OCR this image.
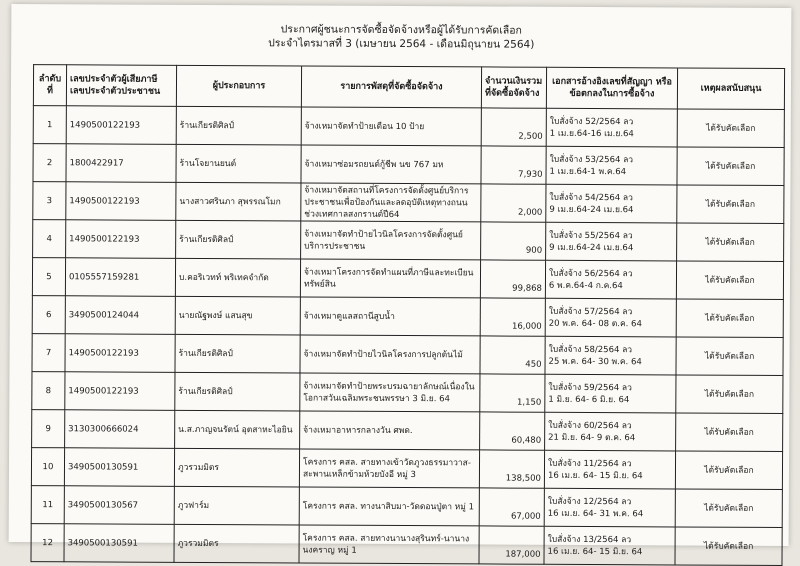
ประกาศผู้ชนะการจัดซื้อจัดจ้างหรือผู้ได้รับการคัดเลือก
ประจำไตรมาสที่ 3 (เมษายน 2564 - เดือนมิถุนายน 2564)
ลำดับที่	เลขประจำตัวผู้เสียภาษี เลขประจำตัวประชาชน	ผู้ประกอบการ	รายการพัสดุที่จัดซื้อจัดจ้าง	จำนวนเงินรวมที่จัดซื้อจัดจ้าง	เอกสารอ้างอิงเลขที่สัญญา หรือข้อตกลงในการซื้อจ้าง	เหตุผลสนับสนุน
1	1490500122193	ร้านเกียรติศิลป์	จ้างเหมาจัดทำป้ายเตือน 10 ป้าย	2,500	ใบสั่งจ้าง 52/2564 ลว
1 เม.ย.64-16 เม.ย.64	ได้รับคัดเลือก
2	1800422917	ร้านโจยานยนต์	จ้างเหมาซ่อมรถยนต์กู้ชีพ นข 767 มห	7,930	ใบสั่งจ้าง 53/2564 ลว
1 เม.ย.64-1 พ.ค.64	ได้รับคัดเลือก
3	1490500122193	นางสาวศรินภา สุพรรณโมก	จ้างเหมาจัดสถานที่โครงการจัดตั้งศูนย์บริการประชาชนเพื่อป้องกันและลดอุบัติเหตุทางถนนช่วงเทศกาลสงกรานต์ปี64	2,000	ใบสั่งจ้าง 54/2564 ลว
9 เม.ย.64-24 เม.ย.64	ได้รับคัดเลือก
4	1490500122193	ร้านเกียรติศิลป์	จ้างเหมาจัดทำป้ายไวนิลโครงการจัดตั้งศูนย์บริการประชาชน	900	ใบสั่งจ้าง 55/2564 ลว
9 เม.ย.64-24 เม.ย.64	ได้รับคัดเลือก
5	0105557159281	บ.คอริเวทท์ พริเทคจำกัด	จ้างเหมาโครงการจัดทำแผนที่ภาษีและทะเบียนทรัพย์สิน	99,868	ใบสั่งจ้าง 56/2564 ลว
6 พ.ค.64-4 ก.ค.64	ได้รับคัดเลือก
6	3490500124044	นายณัฐพงษ์ แสนสุข	จ้างเหมาดูแลสถานีสูบน้ำ	16,000	ใบสั่งจ้าง 57/2564 ลว
20 พ.ค. 64- 08 ต.ค. 64	ได้รับคัดเลือก
7	1490500122193	ร้านเกียรติศิลป์	จ้างเหมาจัดทำป้ายไวนิลโครงการปลูกต้นไม้	450	ใบสั่งจ้าง 58/2564 ลว
25 พ.ค. 64- 30 พ.ค. 64	ได้รับคัดเลือก
8	1490500122193	ร้านเกียรติศิลป์	จ้างเหมาจัดทำป้ายพระบรมฉายาลักษณ์เนื่องในโอกาสวันเฉลิมพระชนพรรษา 3 มิ.ย. 64	1,150	ใบสั่งจ้าง 59/2564 ลว
1 มิ.ย. 64- 6 มิ.ย. 64	ได้รับคัดเลือก
9	3130300666024	น.ส.ภาญจนรัตน์ อุตสาหะไอยิน	จ้างเหมาอาหารกลางวัน ศพด.	60,480	ใบสั่งจ้าง 60/2564 ลว
21 มิ.ย. 64- 9 ต.ค. 64	ได้รับคัดเลือก
10	3490500130591	ภูวรวมมิตร	โครงการ คสล. สายทางเข้าวัดภูวงธรรมาวาส-สะพานเหล็กข้ามห้วยบังอี หมู่ 3	138,500	ใบสั่งจ้าง 11/2564 ลว
16 เม.ย. 64- 15 มิ.ย. 64	ได้รับคัดเลือก
11	3490500130567	ภูวฟาร์ม	โครงการ คสล. ทางนาสิบมา-วัดดอนปู่ตา หมู่ 1	67,000	ใบสั่งจ้าง 12/2564 ลว
16 เม.ย. 64- 31 พ.ค. 64	ได้รับคัดเลือก
12	3490500130591	ภูวรวมมิตร	โครงการ คสล. สายทางนานางสุรินทร์-นานางนงคราญ หมู่ 1	187,000	ใบสั่งจ้าง 13/2564 ลว
16 เม.ย. 64- 15 มิ.ย. 64	ได้รับคัดเลือก
